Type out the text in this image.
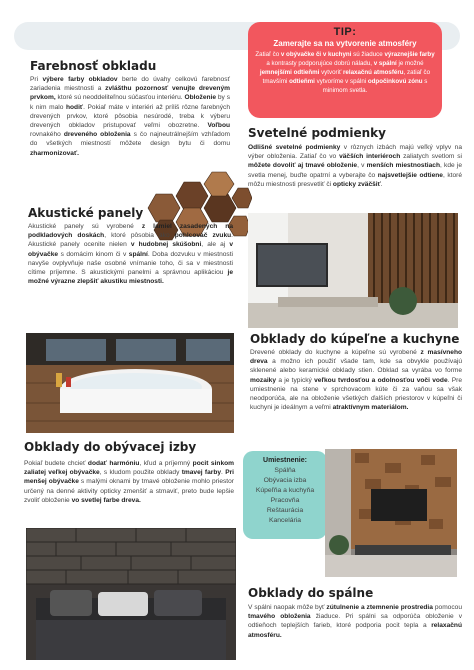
TIP:
Zamerajte sa na vytvorenie atmosféry
Zatiaľ čo v obývačke či v kuchyni sú žiaduce výraznejšie farby a kontrasty podporujúce dobrú náladu, v spální je možné jemnejšími odtieňmi vytvoriť relaxačnú atmosféru, zatiaľ čo tmavšími odtieňmi vytvoríme v spálni odpočinkovú zónu s minimom svetla.
Farebnosť obkladu
Pri výbere farby obkladov berte do úvahy celkovú farebnosť zariadenia miestnosti a zvlášthu pozornosť venujte dreveným prvkom, ktoré sú neoddeliteľnou súčasťou interiéru. Obloženie by s k nim malo hodiť. Pokiaľ máte v interiéri až príliš rôzne farebných drevených prvkov, ktoré pôsobia nesúrodé, treba k výberu drevených obkladov pristupovať veľmi obozretne. Voľbou rovnakého dreveného obloženia s čo najneutrálnejším vzhľadom do všetkých miestností môžete design bytu či domu zharmonizovať.
Svetelné podmienky
Odlišné svetelné podmienky v rôznych izbách majú veľký vplyv na výber obloženia. Zatiaľ čo vo väčších interiéroch zaliatych svetlom si môžete dovoliť aj tmavé obloženie, v menších miestnostiach, kde je svetla menej, buďte opatrní a vyberajte čo najsvetlejšie odtiene, ktoré môžu miestnosti presvetliť či opticky zväčšiť.
Akustické panely
Akustické panely sú vyrobené z lamiel zasadených na podkladových doskách, ktoré pôsobia ako pohlcovač zvuku. Akustické panely ocenite nielen v hudobnej skúšobni, ale aj v obývačke s domácim kinom či v spální. Doba dozvuku v miestnosti navyše ovplyvňuje naše osobné vnímanie toho, či sa v miestnosti cítime príjemne. S akustickými panelmi a správnou aplikáciou je možné výrazne zlepšiť akustiku miestnosti.
Obklady do kúpeľne a kuchyne
Drevené obklady do kuchyne a kúpeľne sú vyrobené z masívneho dreva a možno ich použiť všade tam, kde sa obvykle používajú sklenené alebo keramické obklady stien. Obklad sa vyrába vo forme mozaiky a je typický veľkou tvrdosťou a odolnosťou voči vode. Pre umiestnenie na stene v sprchovacom kúte či za vaňou sa však neodporúča, ale na obloženie všetkých ďalších priestorov v kúpeľni či kuchyni je ideálnym a veľmi atraktívnym materiálom.
Obklady do obývacej izby
Pokiaľ budete chcieť dodať harmóniu, kľud a príjemný pocit sinkom zaliatej veľkej obývačke, s kludom použite obklady tmavej farby. Pri menšej obývačke s malými oknami by tmavé obloženie mohlo priestor určený na denné aktivity opticky zmenšiť a stmaviť, preto bude lepšie zvoliť obloženie vo svetlej farbe dreva.
Umiestnenie:
Spálňa
Obývacia izba
Kúpeľňa a kuchyňa
Pracovňa
Reštaurácia
Kancelária
Obklady do spálne
V spálni naopak môže byť zútulnenie a ztemnenie prostredia pomocou tmavého obloženia žiaduce. Pri spálni sa odporúča obloženie v odtieňoch teplejších farieb, ktoré podporia pocit tepla a relaxačnú atmosféru.
